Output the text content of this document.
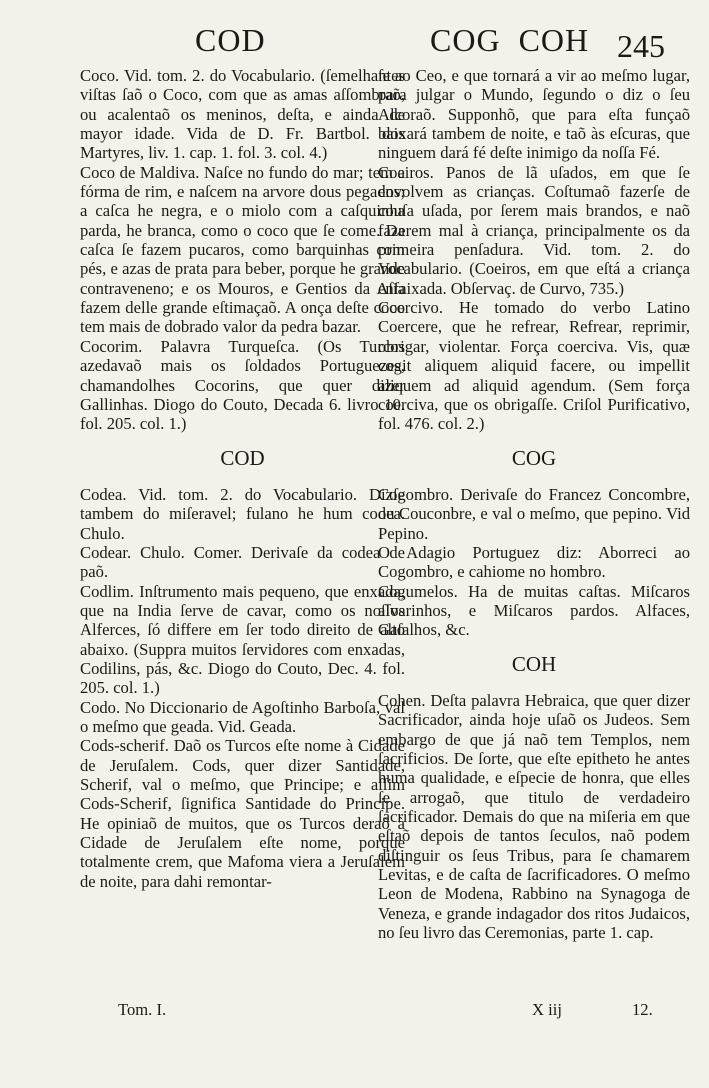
COD	COG COH 245

Coco. Vid. tom. 2. do Vocabulario. (ſemelhantes viſtas ſaõ o Coco, com que as amas aſſombraõ, ou acalentaõ os meninos, deſta, e ainda de mayor idade. Vida de D. Fr. Bartbol. dos Martyres, liv. 1. cap. 1. fol. 3. col. 4.)

Coco de Maldiva. Naſce no fundo do mar; tem a fórma de rim, e naſcem na arvore dous pegados; a caſca he negra, e o miolo com a caſquinha parda, he branca, como o coco que ſe come. Da caſca ſe fazem pucaros, como barquinhas com pés, e azas de prata para beber, porque he grande contraveneno; e os Mouros, e Gentios da Aſia fazem delle grande eſtimaçaõ. A onça deſte coco tem mais de dobrado valor da pedra bazar.

Cocorim. Palavra Turqueſca. (Os Turcos azedavaõ mais os ſoldados Portuguezes, chamandolhes Cocorins, que quer dizer Gallinhas. Diogo do Couto, Decada 6. livro 10. fol. 205. col. 1.)

COD

Codea. Vid. tom. 2. do Vocabulario. Dizſe tambem do miſeravel; fulano he hum codea. Chulo.

Codear. Chulo. Comer. Derivaſe da codea de paõ.

Codlim. Inſtrumento mais pequeno, que enxada, que na India ſerve de cavar, como os noſſos Alferces, ſó differe em ſer todo direito de alto abaixo. (Suppra muitos ſervidores com enxadas, Codilins, pás, &c. Diogo do Couto, Dec. 4. fol. 205. col. 1.)

Codo. No Diccionario de Agoſtinho Barboſa, val o meſmo que geada. Vid. Geada.

Cods-scherif. Daõ os Turcos eſte nome à Cidade de Jeruſalem. Cods, quer dizer Santidade, Scherif, val o meſmo, que Principe; e aſſim Cods-Scherif, ſignifica Santidade do Principe. He opiniaõ de muitos, que os Turcos deraõ à Cidade de Jeruſalem eſte nome, porque totalmente crem, que Mafoma viera a Jeruſalem de noite, para dahi remontar-

ſe ao Ceo, e que tornará a vir ao meſmo lugar, para julgar o Mundo, ſegundo o diz o ſeu Alcoraõ. Supponhõ, que para eſta funçaõ baixará tambem de noite, e taõ às eſcuras, que ninguem dará fé deſte inimigo da noſſa Fé.

Coeiros. Panos de lã uſados, em que ſe envolvem as crianças. Coſtumaõ fazerſe de couſa uſada, por ſerem mais brandos, e naõ fazerem mal à criança, principalmente os da primeira penſadura. Vid. tom. 2. do Vocabulario. (Coeiros, em que eſtá a criança enfaixada. Obſervaç. de Curvo, 735.)

Coercivo. He tomado do verbo Latino Coercere, que he refrear, Refrear, reprimir, obrigar, violentar. Força coerciva. Vis, quæ cogit aliquem aliquid facere, ou impellit aliquem ad aliquid agendum. (Sem força coerciva, que os obrigaſſe. Criſol Purificativo, fol. 476. col. 2.)

COG

Cogombro. Derivaſe do Francez Concombre, ou Couconbre, e val o meſmo, que pepino. Vid Pepino.

O Adagio Portuguez diz: Aborreci ao Cogombro, e cahiome no hombro.

Cogumelos. Ha de muitas caſtas. Miſcaros alvarinhos, e Miſcaros pardos. Alfaces, Gaſalhos, &c.

COH

Cohen. Deſta palavra Hebraica, que quer dizer Sacrificador, ainda hoje uſaõ os Judeos. Sem embargo de que já naõ tem Templos, nem ſacrificios. De ſorte, que eſte epitheto he antes huma qualidade, e eſpecie de honra, que elles ſe arrogaõ, que titulo de verdadeiro ſacrificador. Demais do que na miſeria em que eſtaõ depois de tantos ſeculos, naõ podem diſtinguir os ſeus Tribus, para ſe chamarem Levitas, e de caſta de ſacrificadores. O meſmo Leon de Modena, Rabbino na Synagoga de Veneza, e grande indagador dos ritos Judaicos, no ſeu livro das Ceremonias, parte 1. cap.

Tom. I.	X iij	12.
